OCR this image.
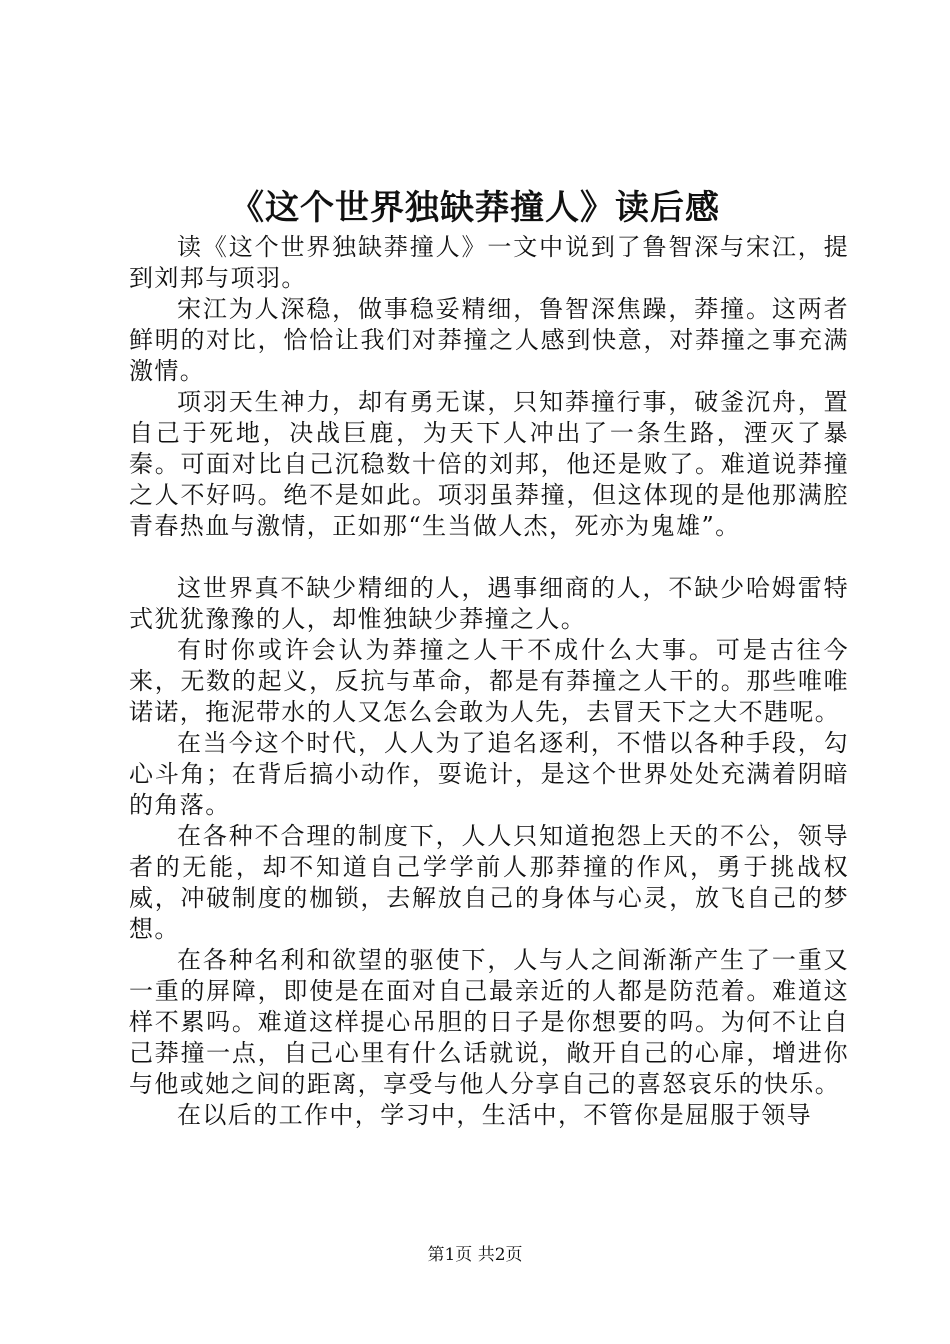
《这个世界独缺莽撞人》读后感

读《这个世界独缺莽撞人》一文中说到了鲁智深与宋江，提到刘邦与项羽。

宋江为人深稳，做事稳妥精细，鲁智深焦躁，莽撞。这两者鲜明的对比，恰恰让我们对莽撞之人感到快意，对莽撞之事充满激情。

项羽天生神力，却有勇无谋，只知莽撞行事，破釜沉舟，置自己于死地，决战巨鹿，为天下人冲出了一条生路，湮灭了暴秦。可面对比自己沉稳数十倍的刘邦，他还是败了。难道说莽撞之人不好吗。绝不是如此。项羽虽莽撞，但这体现的是他那满腔青春热血与激情，正如那“生当做人杰，死亦为鬼雄”。

这世界真不缺少精细的人，遇事细商的人，不缺少哈姆雷特式犹犹豫豫的人，却惟独缺少莽撞之人。

有时你或许会认为莽撞之人干不成什么大事。可是古往今来，无数的起义，反抗与革命，都是有莽撞之人干的。那些唯唯诺诺，拖泥带水的人又怎么会敢为人先，去冒天下之大不韪呢。

在当今这个时代，人人为了追名逐利，不惜以各种手段，勾心斗角；在背后搞小动作，耍诡计，是这个世界处处充满着阴暗的角落。

在各种不合理的制度下，人人只知道抱怨上天的不公，领导者的无能，却不知道自己学学前人那莽撞的作风，勇于挑战权威，冲破制度的枷锁，去解放自己的身体与心灵，放飞自己的梦想。

在各种名利和欲望的驱使下，人与人之间渐渐产生了一重又一重的屏障，即使是在面对自己最亲近的人都是防范着。难道这样不累吗。难道这样提心吊胆的日子是你想要的吗。为何不让自己莽撞一点，自己心里有什么话就说，敞开自己的心扉，增进你与他或她之间的距离，享受与他人分享自己的喜怒哀乐的快乐。

在以后的工作中，学习中，生活中，不管你是屈服于领导

第1页 共2页
